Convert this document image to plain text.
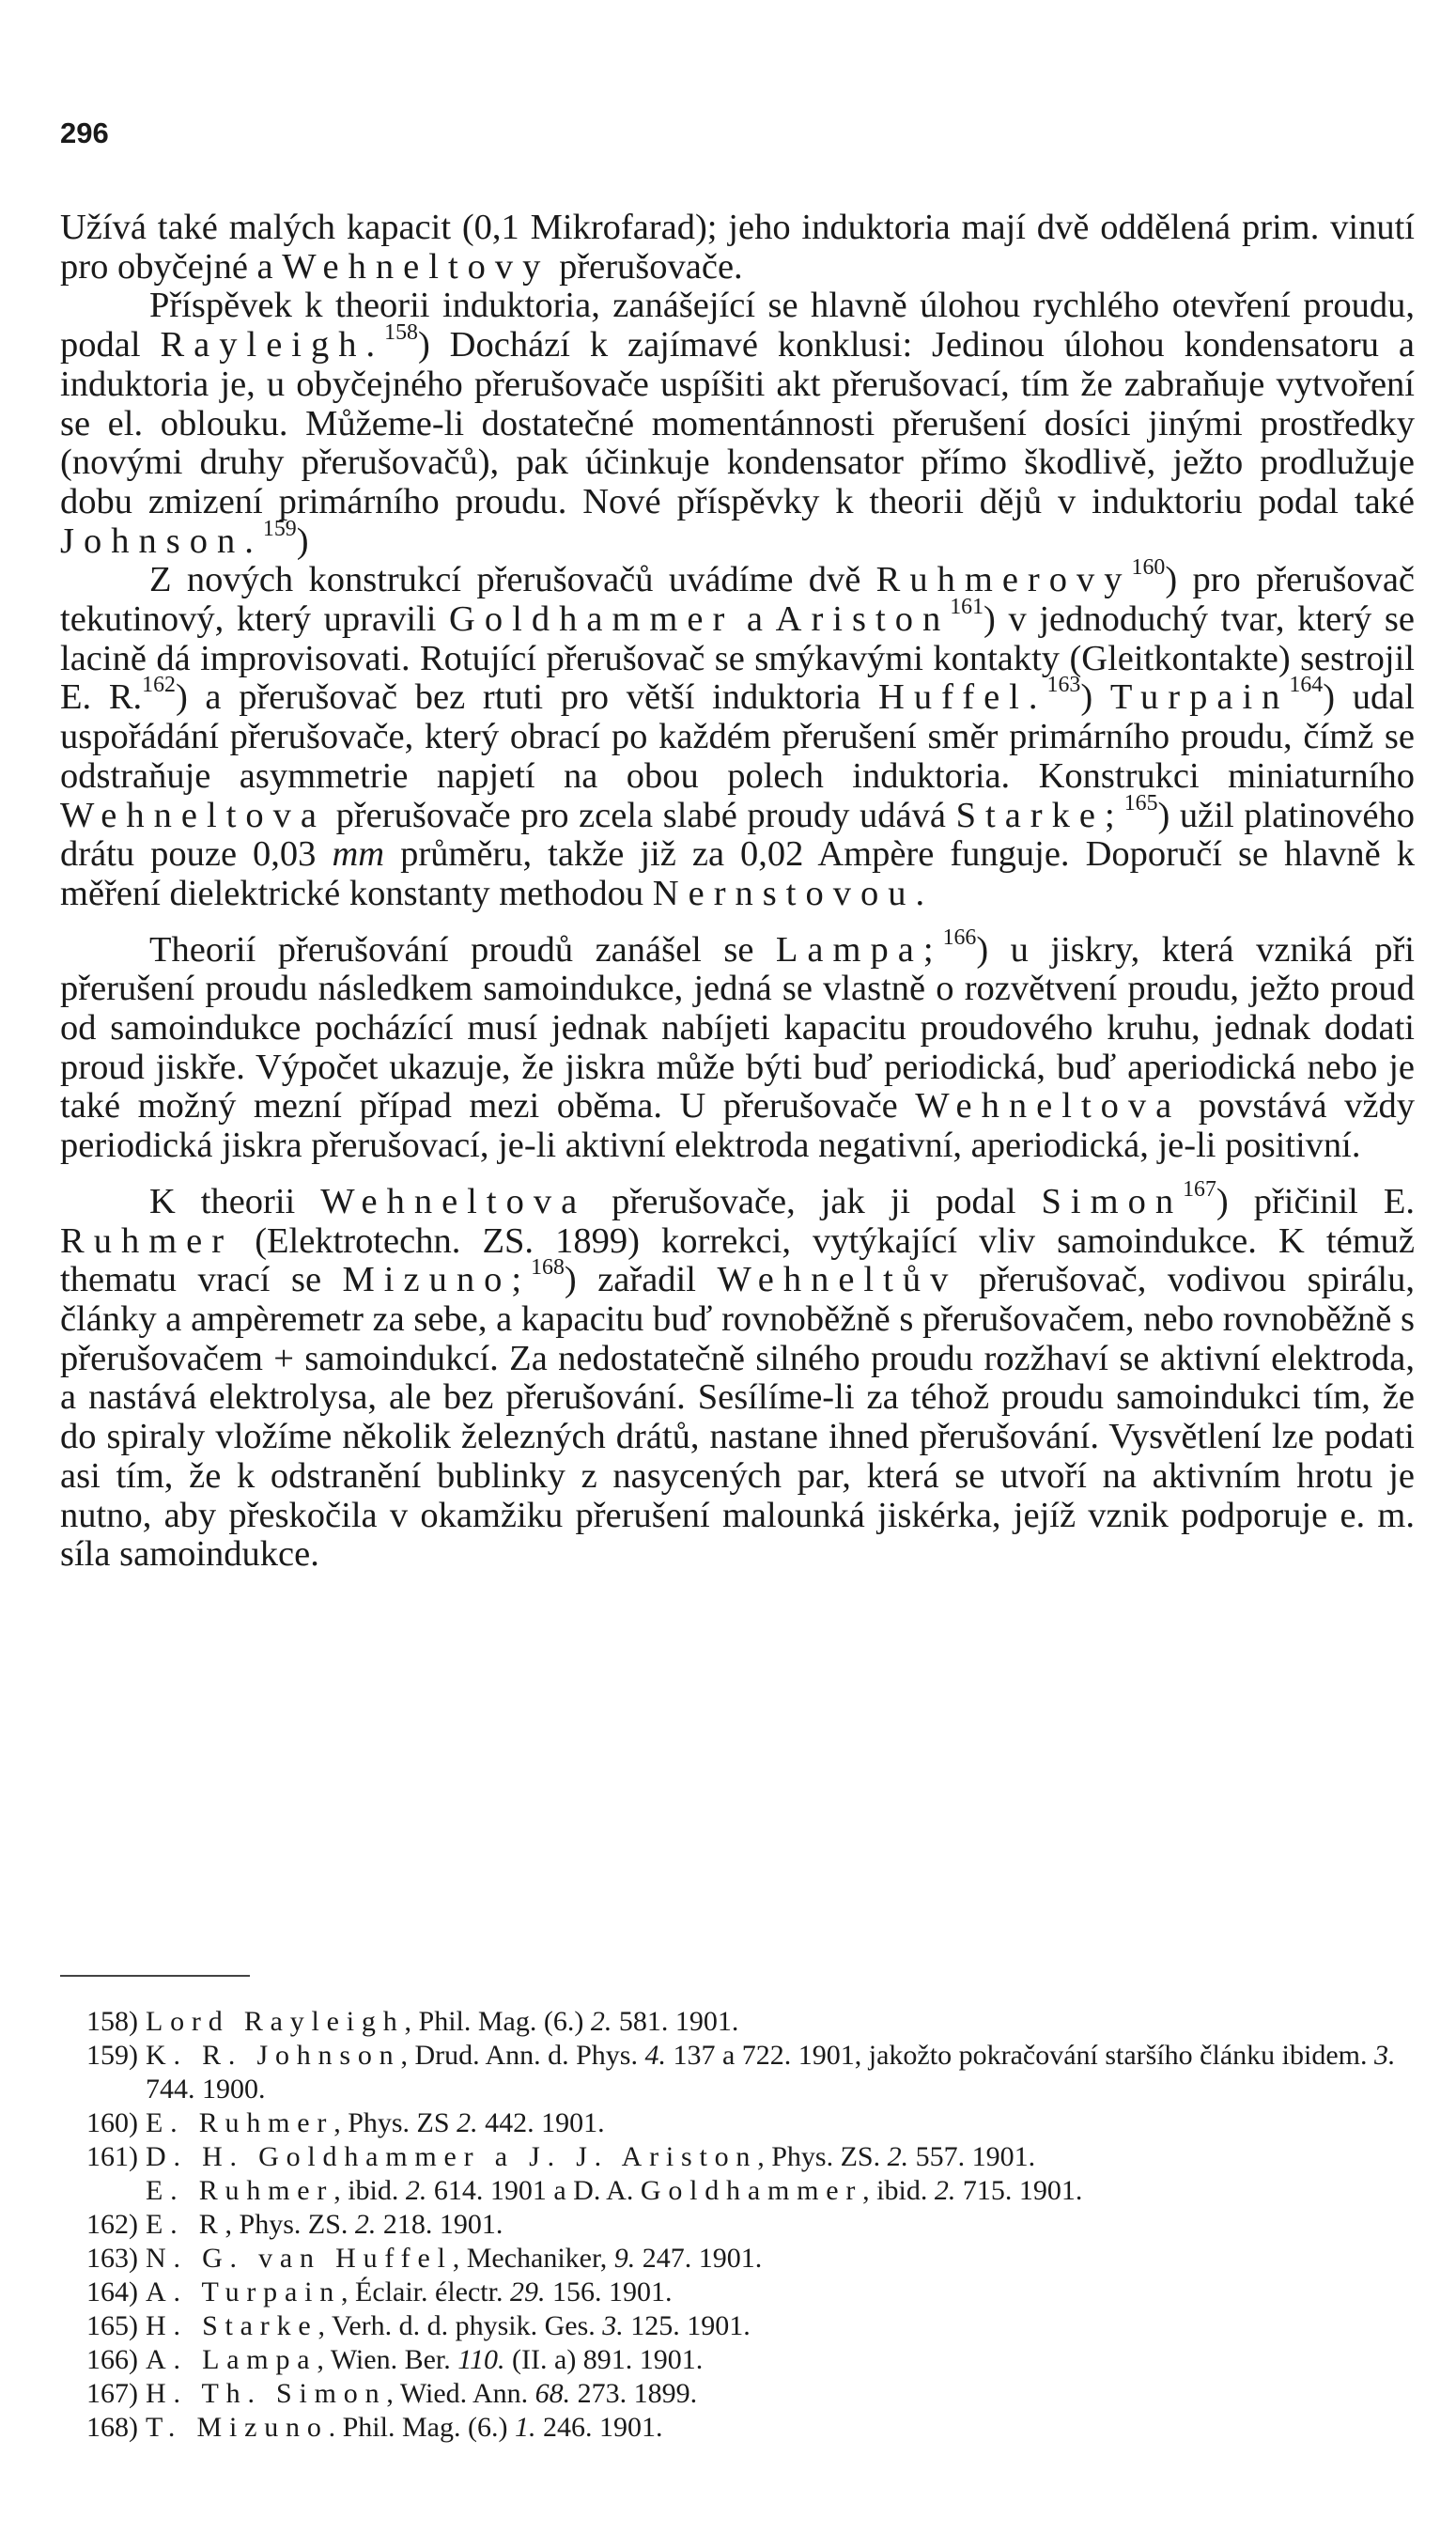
296

Užívá také malých kapacit (0,1 Mikrofarad); jeho induktoria mají dvě oddělená prim. vinutí pro obyčejné a Wehneltovy přerušovače.

Příspěvek k theorii induktoria, zanášející se hlavně úlohou rychlého otevření proudu, podal Rayleigh.$^{158}$) Dochází k zajímavé konklusi: Jedinou úlohou kondensatoru a induktoria je, u obyčejného přerušovače uspíšiti akt přerušovací, tím že zabraňuje vytvoření se el. oblouku. Můžeme-li dostatečné momentánnosti přerušení dosíci jinými prostředky (novými druhy přerušovačů), pak účinkuje kondensator přímo škodlivě, ježto prodlužuje dobu zmizení primárního proudu. Nové příspěvky k theorii dějů v induktoriu podal také Johnson.$^{159}$)

Z nových konstrukcí přerušovačů uvádíme dvě Ruhmerovy$^{160}$) pro přerušovač tekutinový, který upravili Goldhammer a Ariston$^{161}$) v jednoduchý tvar, který se lacině dá improvisovati. Rotující přerušovač se smýkavými kontakty (Gleitkontakte) sestrojil E. R.$^{162}$) a přerušovač bez rtuti pro větší induktoria Huffel.$^{163}$) Turpain$^{164}$) udal uspořádání přerušovače, který obrací po každém přerušení směr primárního proudu, čímž se odstraňuje asymmetrie napjetí na obou polech induktoria. Konstrukci miniaturního Wehneltova přerušovače pro zcela slabé proudy udává Starke;$^{165}$) užil platinového drátu pouze 0,03 mm průměru, takže již za 0,02 Ampère funguje. Doporučí se hlavně k měření dielektrické konstanty methodou Nernstovou.

Theorií přerušování proudů zanášel se Lampa;$^{166}$) u jiskry, která vzniká při přerušení proudu následkem samoindukce, jedná se vlastně o rozvětvení proudu, ježto proud od samoindukce pocházící musí jednak nabíjeti kapacitu proudového kruhu, jednak dodati proud jiskře. Výpočet ukazuje, že jiskra může býti buď periodická, buď aperiodická nebo je také možný mezní případ mezi oběma. U přerušovače Wehneltova povstává vždy periodická jiskra přerušovací, je-li aktivní elektroda negativní, aperiodická, je-li positivní.

K theorii Wehneltova přerušovače, jak ji podal Simon$^{167}$) přičinil E. Ruhmer (Elektrotechn. ZS. 1899) korrekci, vytýkající vliv samoindukce. K témuž thematu vrací se Mizuno;$^{168}$) zařadil Wehneltův přerušovač, vodivou spirálu, články a ampèremetr za sebe, a kapacitu buď rovnoběžně s přerušovačem, nebo rovnoběžně s přerušovačem + samoindukcí. Za nedostatečně silného proudu rozžhaví se aktivní elektroda, a nastává elektrolysa, ale bez přerušování. Sesílíme-li za téhož proudu samoindukci tím, že do spiraly vložíme několik železných drátů, nastane ihned přerušování. Vysvětlení lze podati asi tím, že k odstranění bublinky z nasycených par, která se utvoří na aktivním hrotu je nutno, aby přeskočila v okamžiku přerušení malounká jiskérka, jejíž vznik podporuje e. m. síla samoindukce.

158) Lord Rayleigh, Phil. Mag. (6.) 2. 581. 1901.

159) K. R. Johnson, Drud. Ann. d. Phys. 4. 137 a 722. 1901, jakožto pokračování staršího článku ibidem. 3. 744. 1900.

160) E. Ruhmer, Phys. ZS 2. 442. 1901.

161) D. H. Goldhammer a J. J. Ariston, Phys. ZS. 2. 557. 1901.

E. Ruhmer, ibid. 2. 614. 1901 a D. A. Goldhammer, ibid. 2. 715. 1901.

162) E. R, Phys. ZS. 2. 218. 1901.

163) N. G. van Huffel, Mechaniker, 9. 247. 1901.

164) A. Turpain, Éclair. électr. 29. 156. 1901.

165) H. Starke, Verh. d. d. physik. Ges. 3. 125. 1901.

166) A. Lampa, Wien. Ber. 110. (II. a) 891. 1901.

167) H. Th. Simon, Wied. Ann. 68. 273. 1899.

168) T. Mizuno. Phil. Mag. (6.) 1. 246. 1901.
